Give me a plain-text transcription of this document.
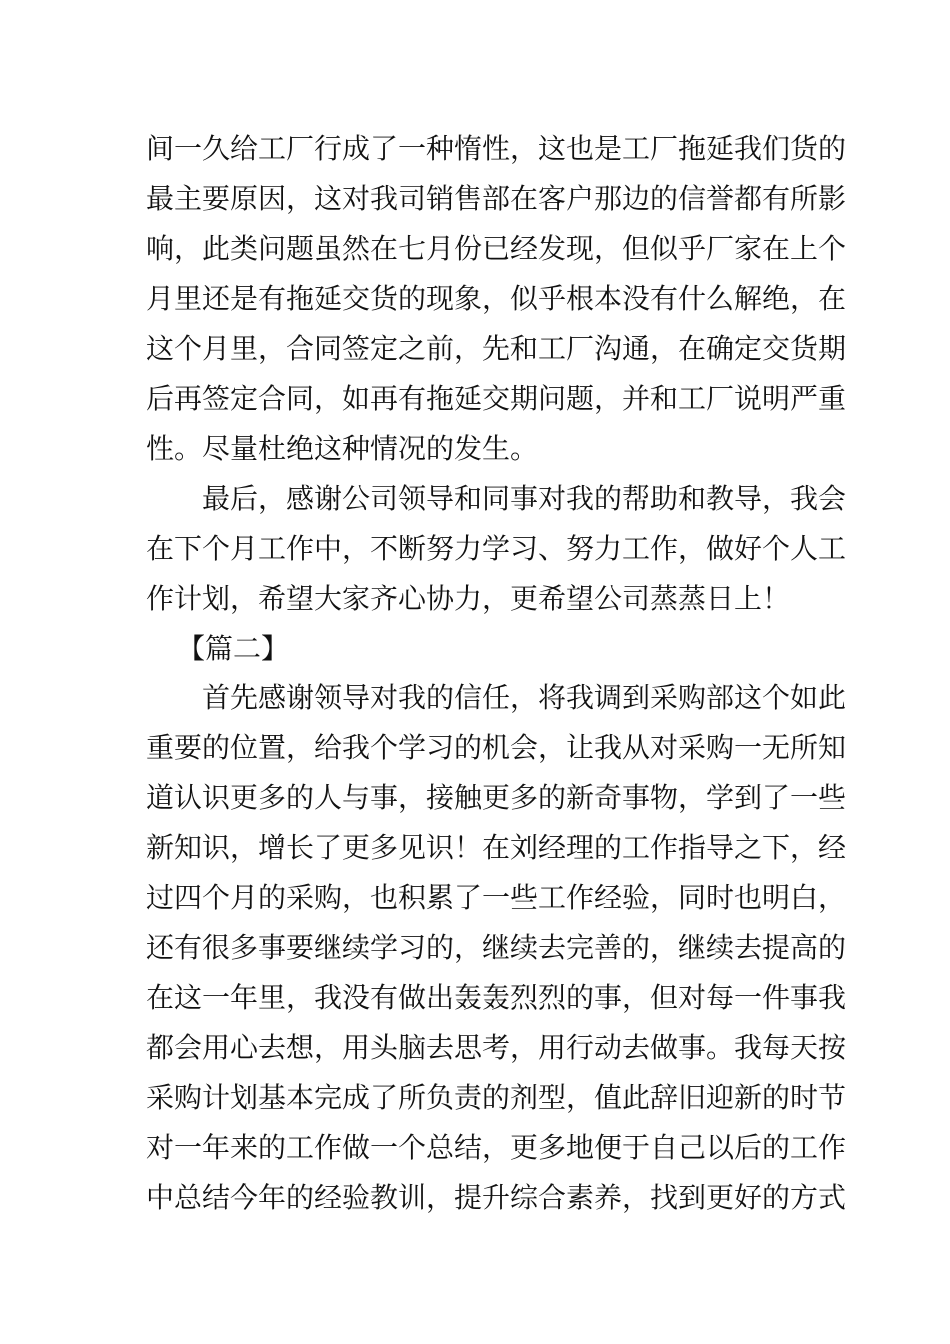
间一久给工厂行成了一种惰性，这也是工厂拖延我们货的
最主要原因，这对我司销售部在客户那边的信誉都有所影
响，此类问题虽然在七月份已经发现，但似乎厂家在上个
月里还是有拖延交货的现象，似乎根本没有什么解绝，在
这个月里，合同签定之前，先和工厂沟通，在确定交货期
后再签定合同，如再有拖延交期问题，并和工厂说明严重
性。尽量杜绝这种情况的发生。
最后，感谢公司领导和同事对我的帮助和教导，我会
在下个月工作中，不断努力学习、努力工作，做好个人工
作计划，希望大家齐心协力，更希望公司蒸蒸日上！
【篇二】
首先感谢领导对我的信任，将我调到采购部这个如此
重要的位置，给我个学习的机会，让我从对采购一无所知
道认识更多的人与事，接触更多的新奇事物，学到了一些
新知识，增长了更多见识！在刘经理的工作指导之下，经
过四个月的采购，也积累了一些工作经验，同时也明白，
还有很多事要继续学习的，继续去完善的，继续去提高的
在这一年里，我没有做出轰轰烈烈的事，但对每一件事我
都会用心去想，用头脑去思考，用行动去做事。我每天按
采购计划基本完成了所负责的剂型，值此辞旧迎新的时节
对一年来的工作做一个总结，更多地便于自己以后的工作
中总结今年的经验教训，提升综合素养，找到更好的方式
